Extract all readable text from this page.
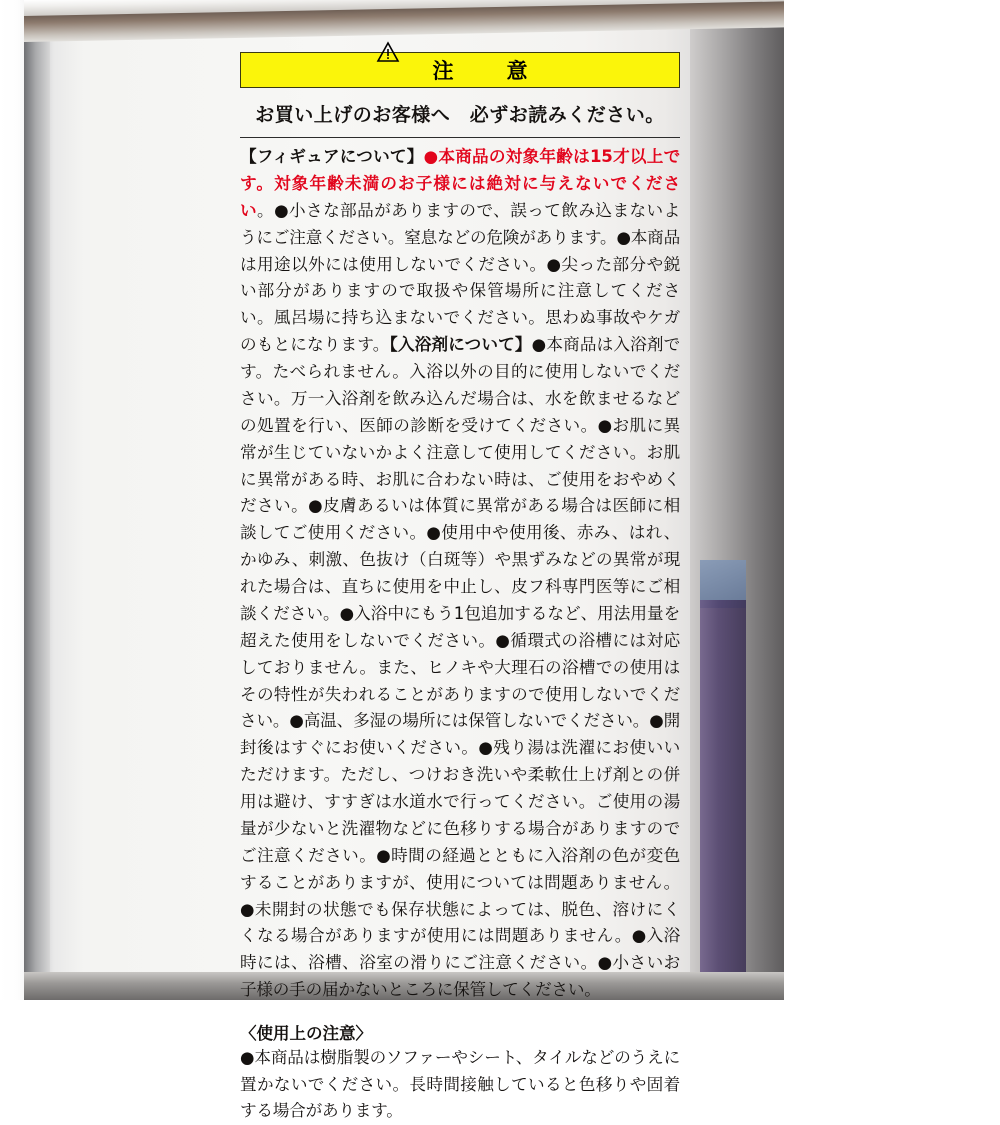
注　意
お買い上げのお客様へ　必ずお読みください。
【フィギュアについて】●本商品の対象年齢は15才以上です。対象年齢未満のお子様には絶対に与えないでください。●小さな部品がありますので、誤って飲み込まないようにご注意ください。窒息などの危険があります。●本商品は用途以外には使用しないでください。●尖った部分や鋭い部分がありますので取扱や保管場所に注意してください。風呂場に持ち込まないでください。思わぬ事故やケガのもとになります。【入浴剤について】●本商品は入浴剤です。たべられません。入浴以外の目的に使用しないでください。万一入浴剤を飲み込んだ場合は、水を飲ませるなどの処置を行い、医師の診断を受けてください。●お肌に異常が生じていないかよく注意して使用してください。お肌に異常がある時、お肌に合わない時は、ご使用をおやめください。●皮膚あるいは体質に異常がある場合は医師に相談してご使用ください。●使用中や使用後、赤み、はれ、かゆみ、刺激、色抜け（白斑等）や黒ずみなどの異常が現れた場合は、直ちに使用を中止し、皮フ科専門医等にご相談ください。●入浴中にもう1包追加するなど、用法用量を超えた使用をしないでください。●循環式の浴槽には対応しておりません。また、ヒノキや大理石の浴槽での使用はその特性が失われることがありますので使用しないでください。●高温、多湿の場所には保管しないでください。●開封後はすぐにお使いください。●残り湯は洗濯にお使いいただけます。ただし、つけおき洗いや柔軟仕上げ剤との併用は避け、すすぎは水道水で行ってください。ご使用の湯量が少ないと洗濯物などに色移りする場合がありますのでご注意ください。●時間の経過とともに入浴剤の色が変色することがありますが、使用については問題ありません。●未開封の状態でも保存状態によっては、脱色、溶けにくくなる場合がありますが使用には問題ありません。●入浴時には、浴槽、浴室の滑りにご注意ください。●小さいお子様の手の届かないところに保管してください。
〈使用上の注意〉
●本商品は樹脂製のソファーやシート、タイルなどのうえに置かないでください。長時間接触していると色移りや固着する場合があります。
